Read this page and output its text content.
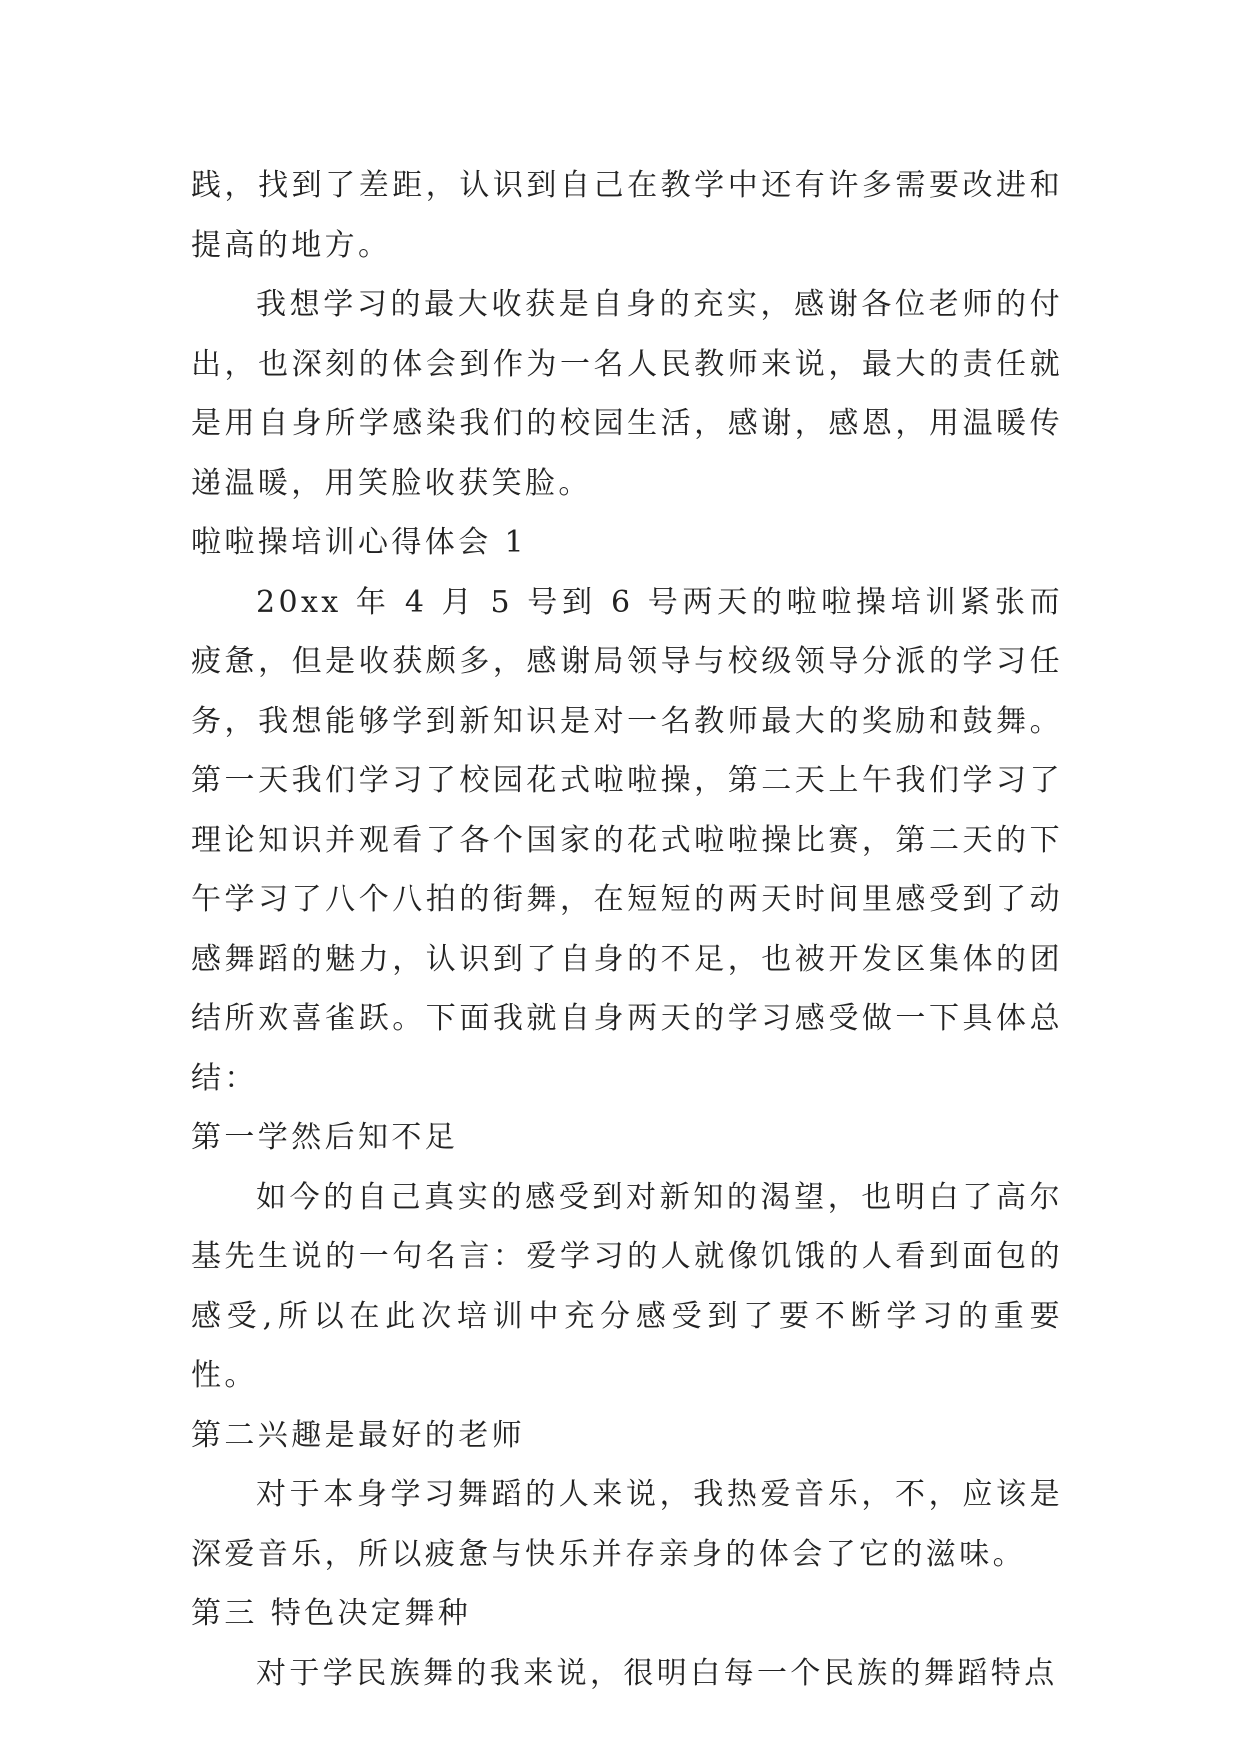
践，找到了差距，认识到自己在教学中还有许多需要改进和提高的地方。

我想学习的最大收获是自身的充实，感谢各位老师的付出，也深刻的体会到作为一名人民教师来说，最大的责任就是用自身所学感染我们的校园生活，感谢，感恩，用温暖传递温暖，用笑脸收获笑脸。

啦啦操培训心得体会 1

20xx 年 4 月 5 号到 6 号两天的啦啦操培训紧张而疲惫，但是收获颇多，感谢局领导与校级领导分派的学习任务，我想能够学到新知识是对一名教师最大的奖励和鼓舞。第一天我们学习了校园花式啦啦操，第二天上午我们学习了理论知识并观看了各个国家的花式啦啦操比赛，第二天的下午学习了八个八拍的街舞，在短短的两天时间里感受到了动感舞蹈的魅力，认识到了自身的不足，也被开发区集体的团结所欢喜雀跃。下面我就自身两天的学习感受做一下具体总结：

第一学然后知不足

如今的自己真实的感受到对新知的渴望，也明白了高尔基先生说的一句名言：爱学习的人就像饥饿的人看到面包的感受,所以在此次培训中充分感受到了要不断学习的重要性。

第二兴趣是最好的老师

对于本身学习舞蹈的人来说，我热爱音乐，不，应该是深爱音乐，所以疲惫与快乐并存亲身的体会了它的滋味。

第三 特色决定舞种

对于学民族舞的我来说，很明白每一个民族的舞蹈特点
